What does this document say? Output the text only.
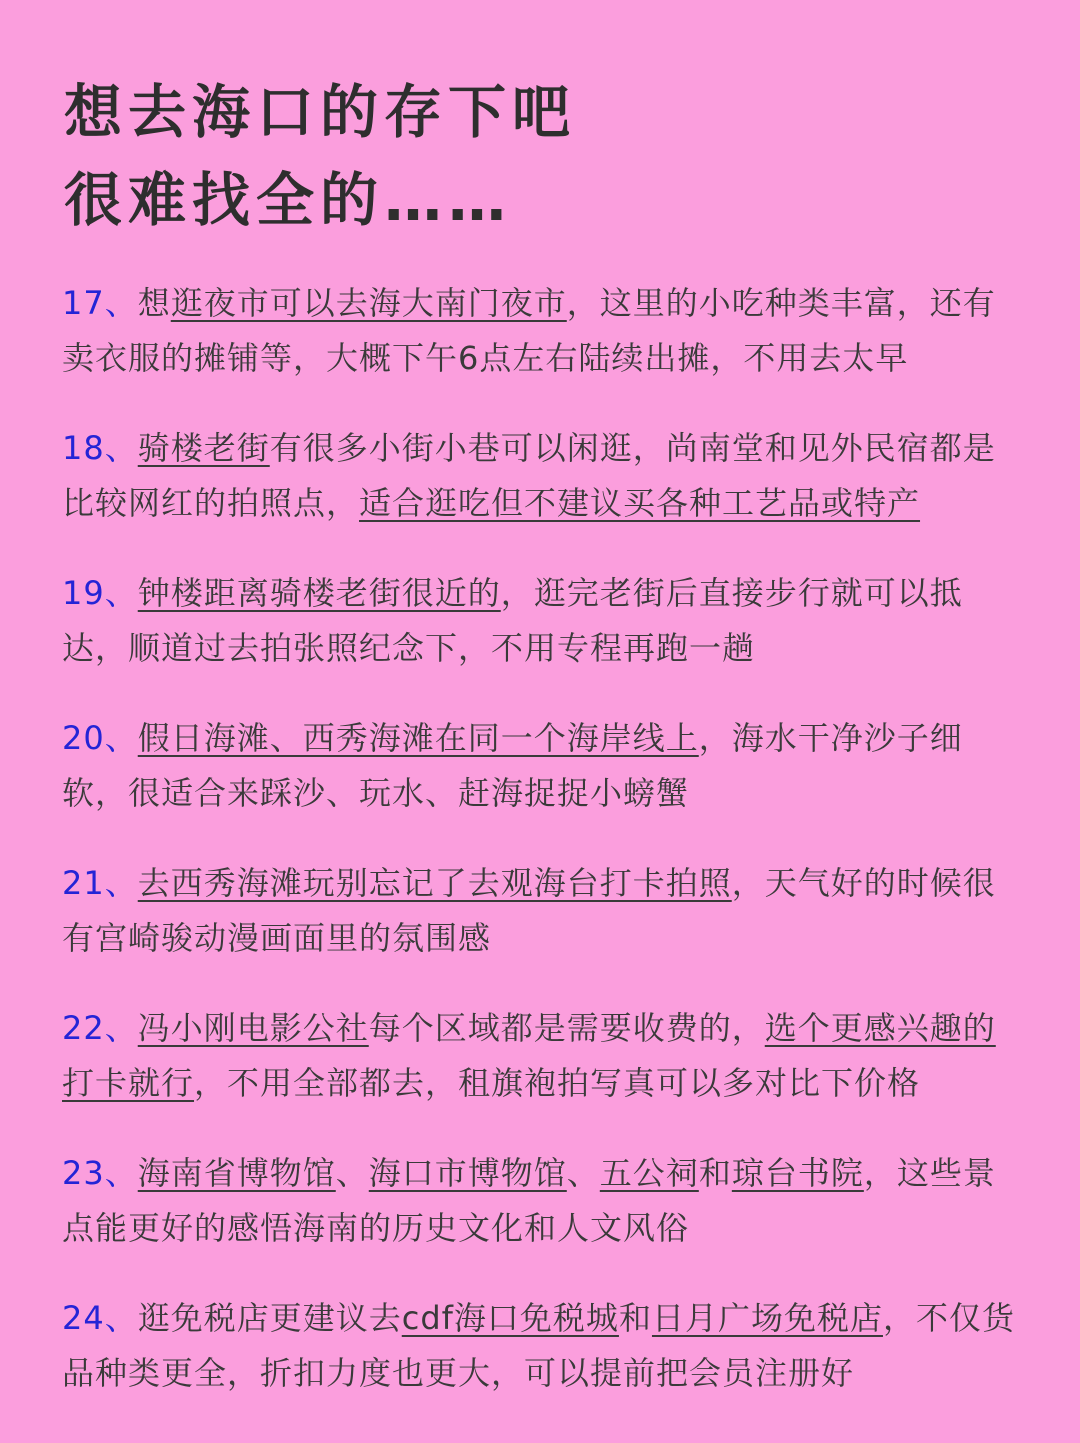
想去海口的存下吧
很难找全的……

17、想逛夜市可以去海大南门夜市，这里的小吃种类丰富，还有卖衣服的摊铺等，大概下午6点左右陆续出摊，不用去太早

18、骑楼老街有很多小街小巷可以闲逛，尚南堂和见外民宿都是比较网红的拍照点，适合逛吃但不建议买各种工艺品或特产

19、钟楼距离骑楼老街很近的，逛完老街后直接步行就可以抵达，顺道过去拍张照纪念下，不用专程再跑一趟

20、假日海滩、西秀海滩在同一个海岸线上，海水干净沙子细软，很适合来踩沙、玩水、赶海捉捉小螃蟹

21、去西秀海滩玩别忘记了去观海台打卡拍照，天气好的时候很有宫崎骏动漫画面里的氛围感

22、冯小刚电影公社每个区域都是需要收费的，选个更感兴趣的打卡就行，不用全部都去，租旗袍拍写真可以多对比下价格

23、海南省博物馆、海口市博物馆、五公祠和琼台书院，这些景点能更好的感悟海南的历史文化和人文风俗

24、逛免税店更建议去cdf海口免税城和日月广场免税店，不仅货品种类更全，折扣力度也更大，可以提前把会员注册好
